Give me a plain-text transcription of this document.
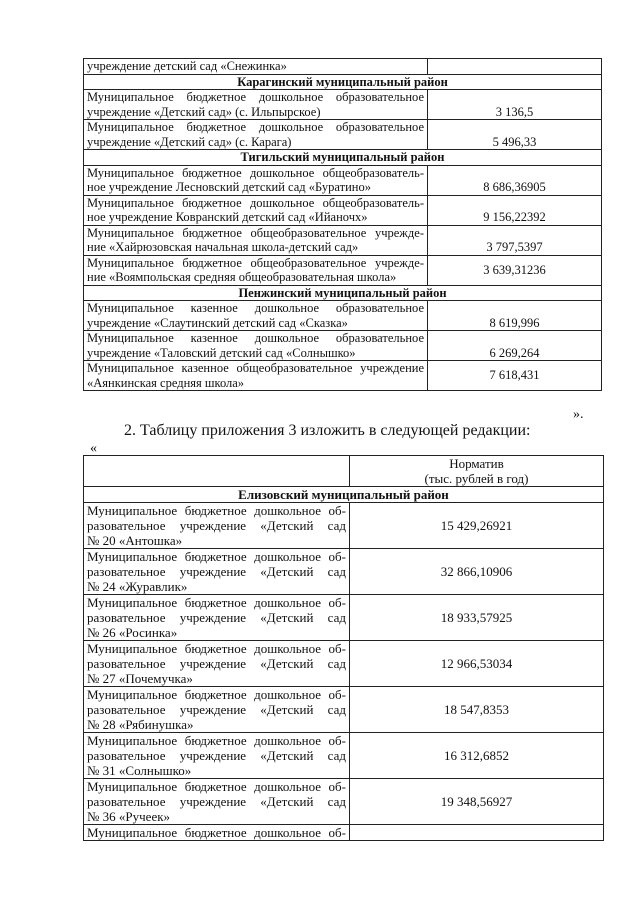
учреждение детский сад «Снежинка»	

Карагинский муниципальный район	

Муниципальное бюджетное дошкольное образовательное
учреждение «Детский сад» (с. Ильпырское)	3 136,5

Муниципальное бюджетное дошкольное образовательное
учреждение «Детский сад» (с. Карага)	5 496,33
Тигильский муниципальный район	

Муниципальное бюджетное дошкольное общеобразователь-
ное учреждение Лесновский детский сад «Буратино»	8 686,36905

Муниципальное бюджетное дошкольное общеобразователь-
ное учреждение Ковранский детский сад «Ийаночх»	9 156,22392

Муниципальное бюджетное общеобразовательное учрежде-
ние «Хайрюзовская начальная школа-детский сад»	3 797,5397

Муниципальное бюджетное общеобразовательное учрежде-
ние «Воямпольская средняя общеобразовательная школа»	3 639,31236
Пенжинский муниципальный район	

Муниципальное казенное дошкольное образовательное
учреждение «Слаутинский детский сад «Сказка»	8 619,996

Муниципальное казенное дошкольное образовательное
учреждение «Таловский детский сад «Солнышко»	6 269,264

Муниципальное казенное общеобразовательное учреждение
«Аянкинская средняя школа»	7 618,431
».
2. Таблицу приложения 3 изложить в следующей редакции:
«

	Норматив
(тыс. рублей в год)

Елизовский муниципальный район	

Муниципальное бюджетное дошкольное об-
разовательное учреждение «Детский сад
№ 20 «Антошка»	15 429,26921

Муниципальное бюджетное дошкольное об-
разовательное учреждение «Детский сад
№ 24 «Журавлик»	32 866,10906

Муниципальное бюджетное дошкольное об-
разовательное учреждение «Детский сад
№ 26 «Росинка»	18 933,57925

Муниципальное бюджетное дошкольное об-
разовательное учреждение «Детский сад
№ 27 «Почемучка»	12 966,53034

Муниципальное бюджетное дошкольное об-
разовательное учреждение «Детский сад
№ 28 «Рябинушка»	18 547,8353

Муниципальное бюджетное дошкольное об-
разовательное учреждение «Детский сад
№ 31 «Солнышко»	16 312,6852

Муниципальное бюджетное дошкольное об-
разовательное учреждение «Детский сад
№ 36 «Ручеек»	19 348,56927

Муниципальное бюджетное дошкольное об-	
